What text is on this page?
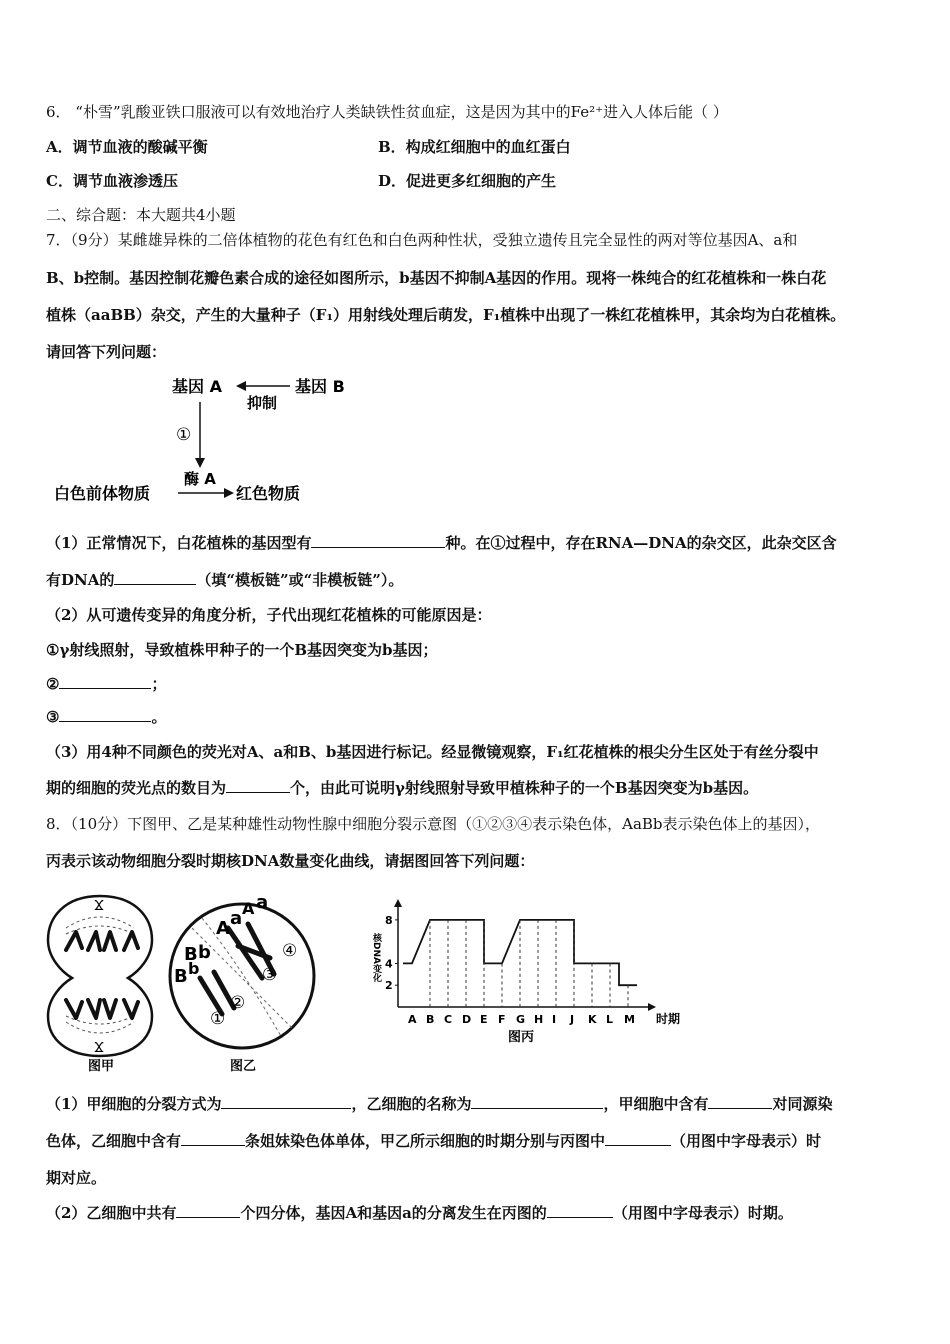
6． “朴雪”乳酸亚铁口服液可以有效地治疗人类缺铁性贫血症，这是因为其中的Fe²⁺进入人体后能（ ）
A．调节血液的酸碱平衡	B．构成红细胞中的血红蛋白
C．调节血液渗透压	D．促进更多红细胞的产生
二、综合题：本大题共4小题
7．（9分）某雌雄异株的二倍体植物的花色有红色和白色两种性状，受独立遗传且完全显性的两对等位基因A、a和
B、b控制。基因控制花瓣色素合成的途径如图所示，b基因不抑制A基因的作用。现将一株纯合的红花植株和一株白花
植株（aaBB）杂交，产生的大量种子（F₁）用射线处理后萌发，F₁植株中出现了一株红花植株甲，其余均为白花植株。
请回答下列问题：
基因 A	基因 B
抑制
①
白色前体物质
酶 A
红色物质
（1）正常情况下，白花植株的基因型有	种。在①过程中，存在RNA—DNA的杂交区，此杂交区含
有DNA的	（填“模板链”或“非模板链”）。
（2）从可遗传变异的角度分析，子代出现红花植株的可能原因是：
①γ射线照射，导致植株甲种子的一个B基因突变为b基因；
②	；
③	。
（3）用4种不同颜色的荧光对A、a和B、b基因进行标记。经显微镜观察，F₁红花植株的根尖分生区处于有丝分裂中
期的细胞的荧光点的数目为	个，由此可说明γ射线照射导致甲植株种子的一个B基因突变为b基因。
8．（10分）下图甲、乙是某种雄性动物性腺中细胞分裂示意图（①②③④表示染色体，AaBb表示染色体上的基因），
丙表示该动物细胞分裂时期核DNA数量变化曲线，请据图回答下列问题：
Ϫ
Ϫ
图甲
A a A a
B b
B b
①
②
③
④
图乙
核DNA变化
时期
图丙
2
4
8
A B C D E F G H I J K L M
（1）甲细胞的分裂方式为	，乙细胞的名称为	，甲细胞中含有	对同源染
色体，乙细胞中含有	条姐妹染色体单体，甲乙所示细胞的时期分别与丙图中	（用图中字母表示）时
期对应。
（2）乙细胞中共有	个四分体，基因A和基因a的分离发生在丙图的	（用图中字母表示）时期。
